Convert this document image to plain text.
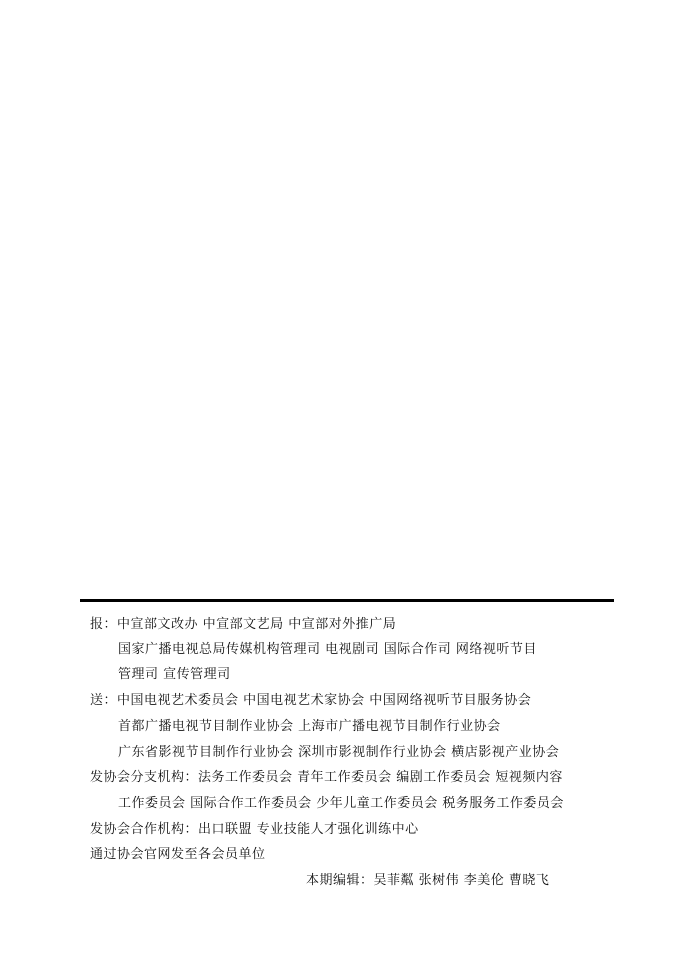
报：中宣部文改办 中宣部文艺局 中宣部对外推广局
国家广播电视总局传媒机构管理司 电视剧司 国际合作司 网络视听节目
管理司 宣传管理司
送：中国电视艺术委员会 中国电视艺术家协会 中国网络视听节目服务协会
首都广播电视节目制作业协会 上海市广播电视节目制作行业协会
广东省影视节目制作行业协会 深圳市影视制作行业协会 横店影视产业协会
发协会分支机构：法务工作委员会 青年工作委员会 编剧工作委员会 短视频内容
工作委员会 国际合作工作委员会 少年儿童工作委员会 税务服务工作委员会
发协会合作机构：出口联盟 专业技能人才强化训练中心
通过协会官网发至各会员单位
本期编辑：吴菲粼 张树伟 李美伦 曹晓飞
